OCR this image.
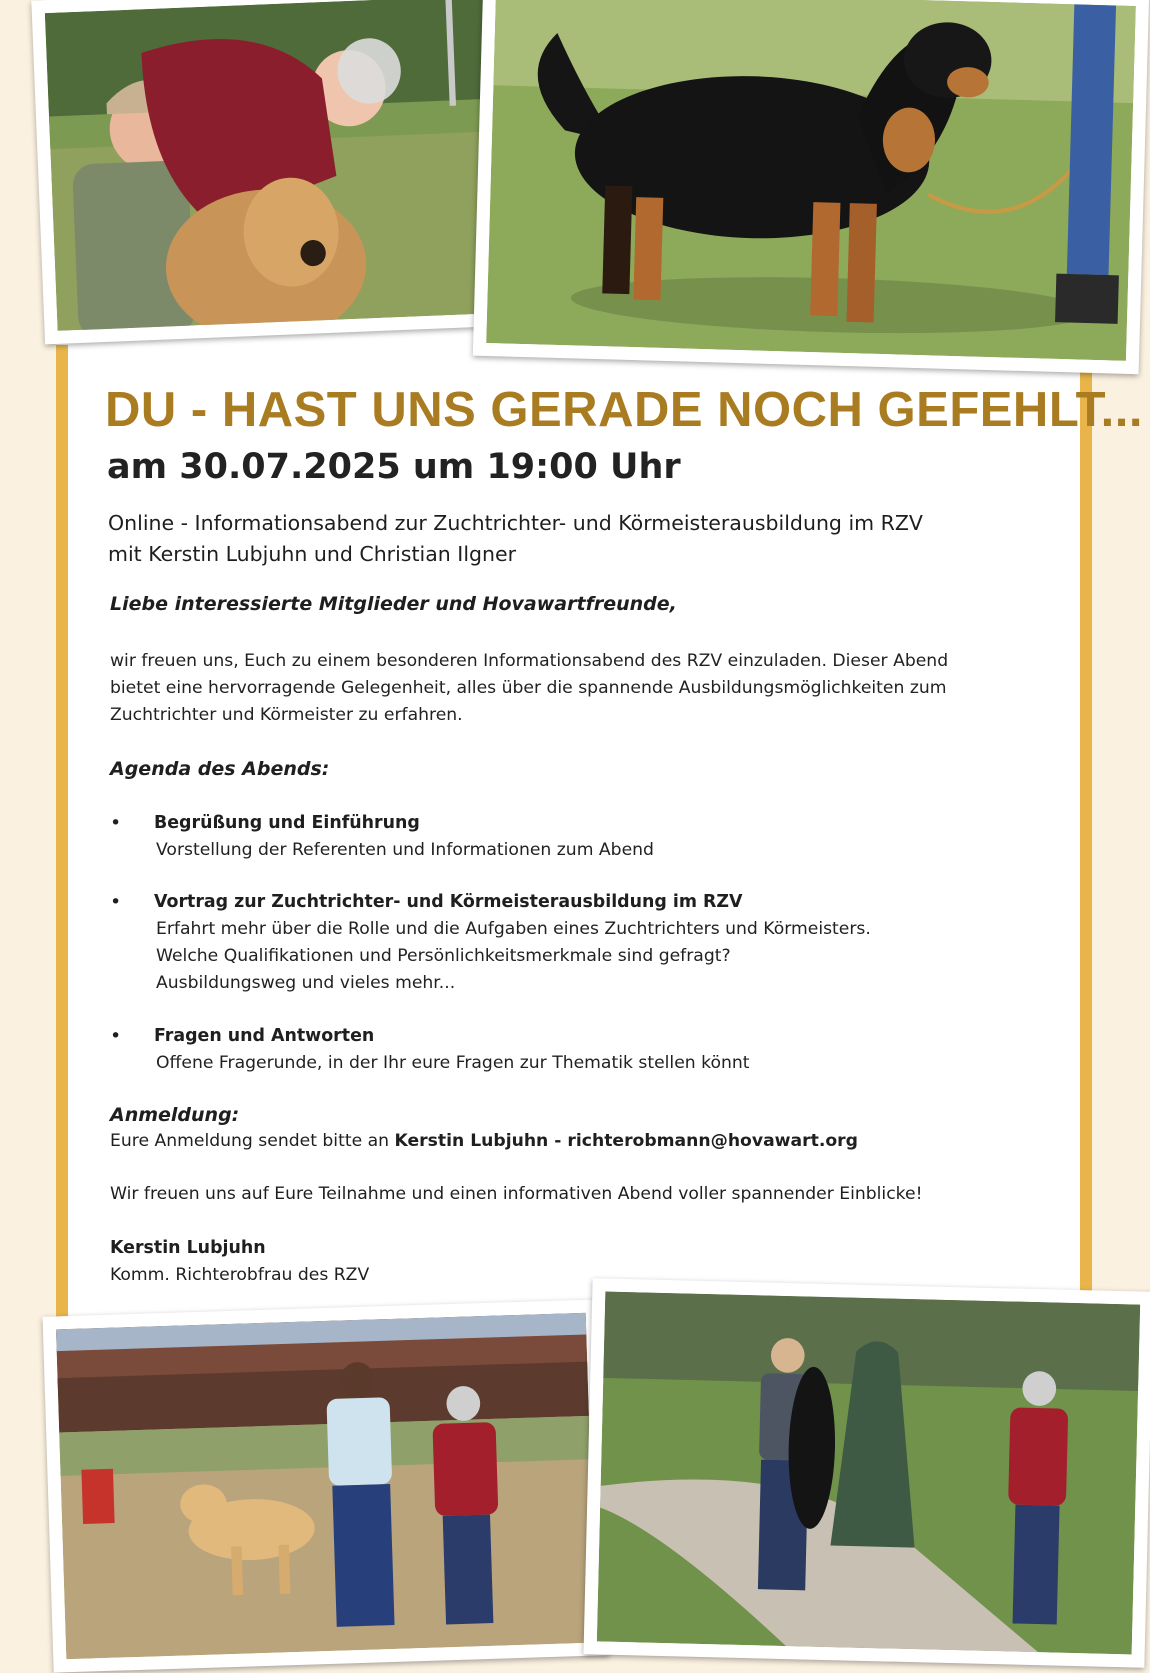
DU - HAST UNS GERADE NOCH GEFEHLT...
am 30.07.2025 um 19:00 Uhr

Online - Informationsabend zur Zuchtrichter- und Körmeisterausbildung im RZV
mit Kerstin Lubjuhn und Christian Ilgner

Liebe interessierte Mitglieder und Hovawartfreunde,

wir freuen uns, Euch zu einem besonderen Informationsabend des RZV einzuladen. Dieser Abend
bietet eine hervorragende Gelegenheit, alles über die spannende Ausbildungsmöglichkeiten zum
Zuchtrichter und Körmeister zu erfahren.

Agenda des Abends:

• Begrüßung und Einführung

Vorstellung der Referenten und Informationen zum Abend

• Vortrag zur Zuchtrichter- und Körmeisterausbildung im RZV

Erfahrt mehr über die Rolle und die Aufgaben eines Zuchtrichters und Körmeisters.
Welche Qualifikationen und Persönlichkeitsmerkmale sind gefragt?
Ausbildungsweg und vieles mehr...

• Fragen und Antworten

Offene Fragerunde, in der Ihr eure Fragen zur Thematik stellen könnt

Anmeldung:

Eure Anmeldung sendet bitte an Kerstin Lubjuhn - richterobmann@hovawart.org

Wir freuen uns auf Eure Teilnahme und einen informativen Abend voller spannender Einblicke!

Kerstin Lubjuhn

Komm. Richterobfrau des RZV
